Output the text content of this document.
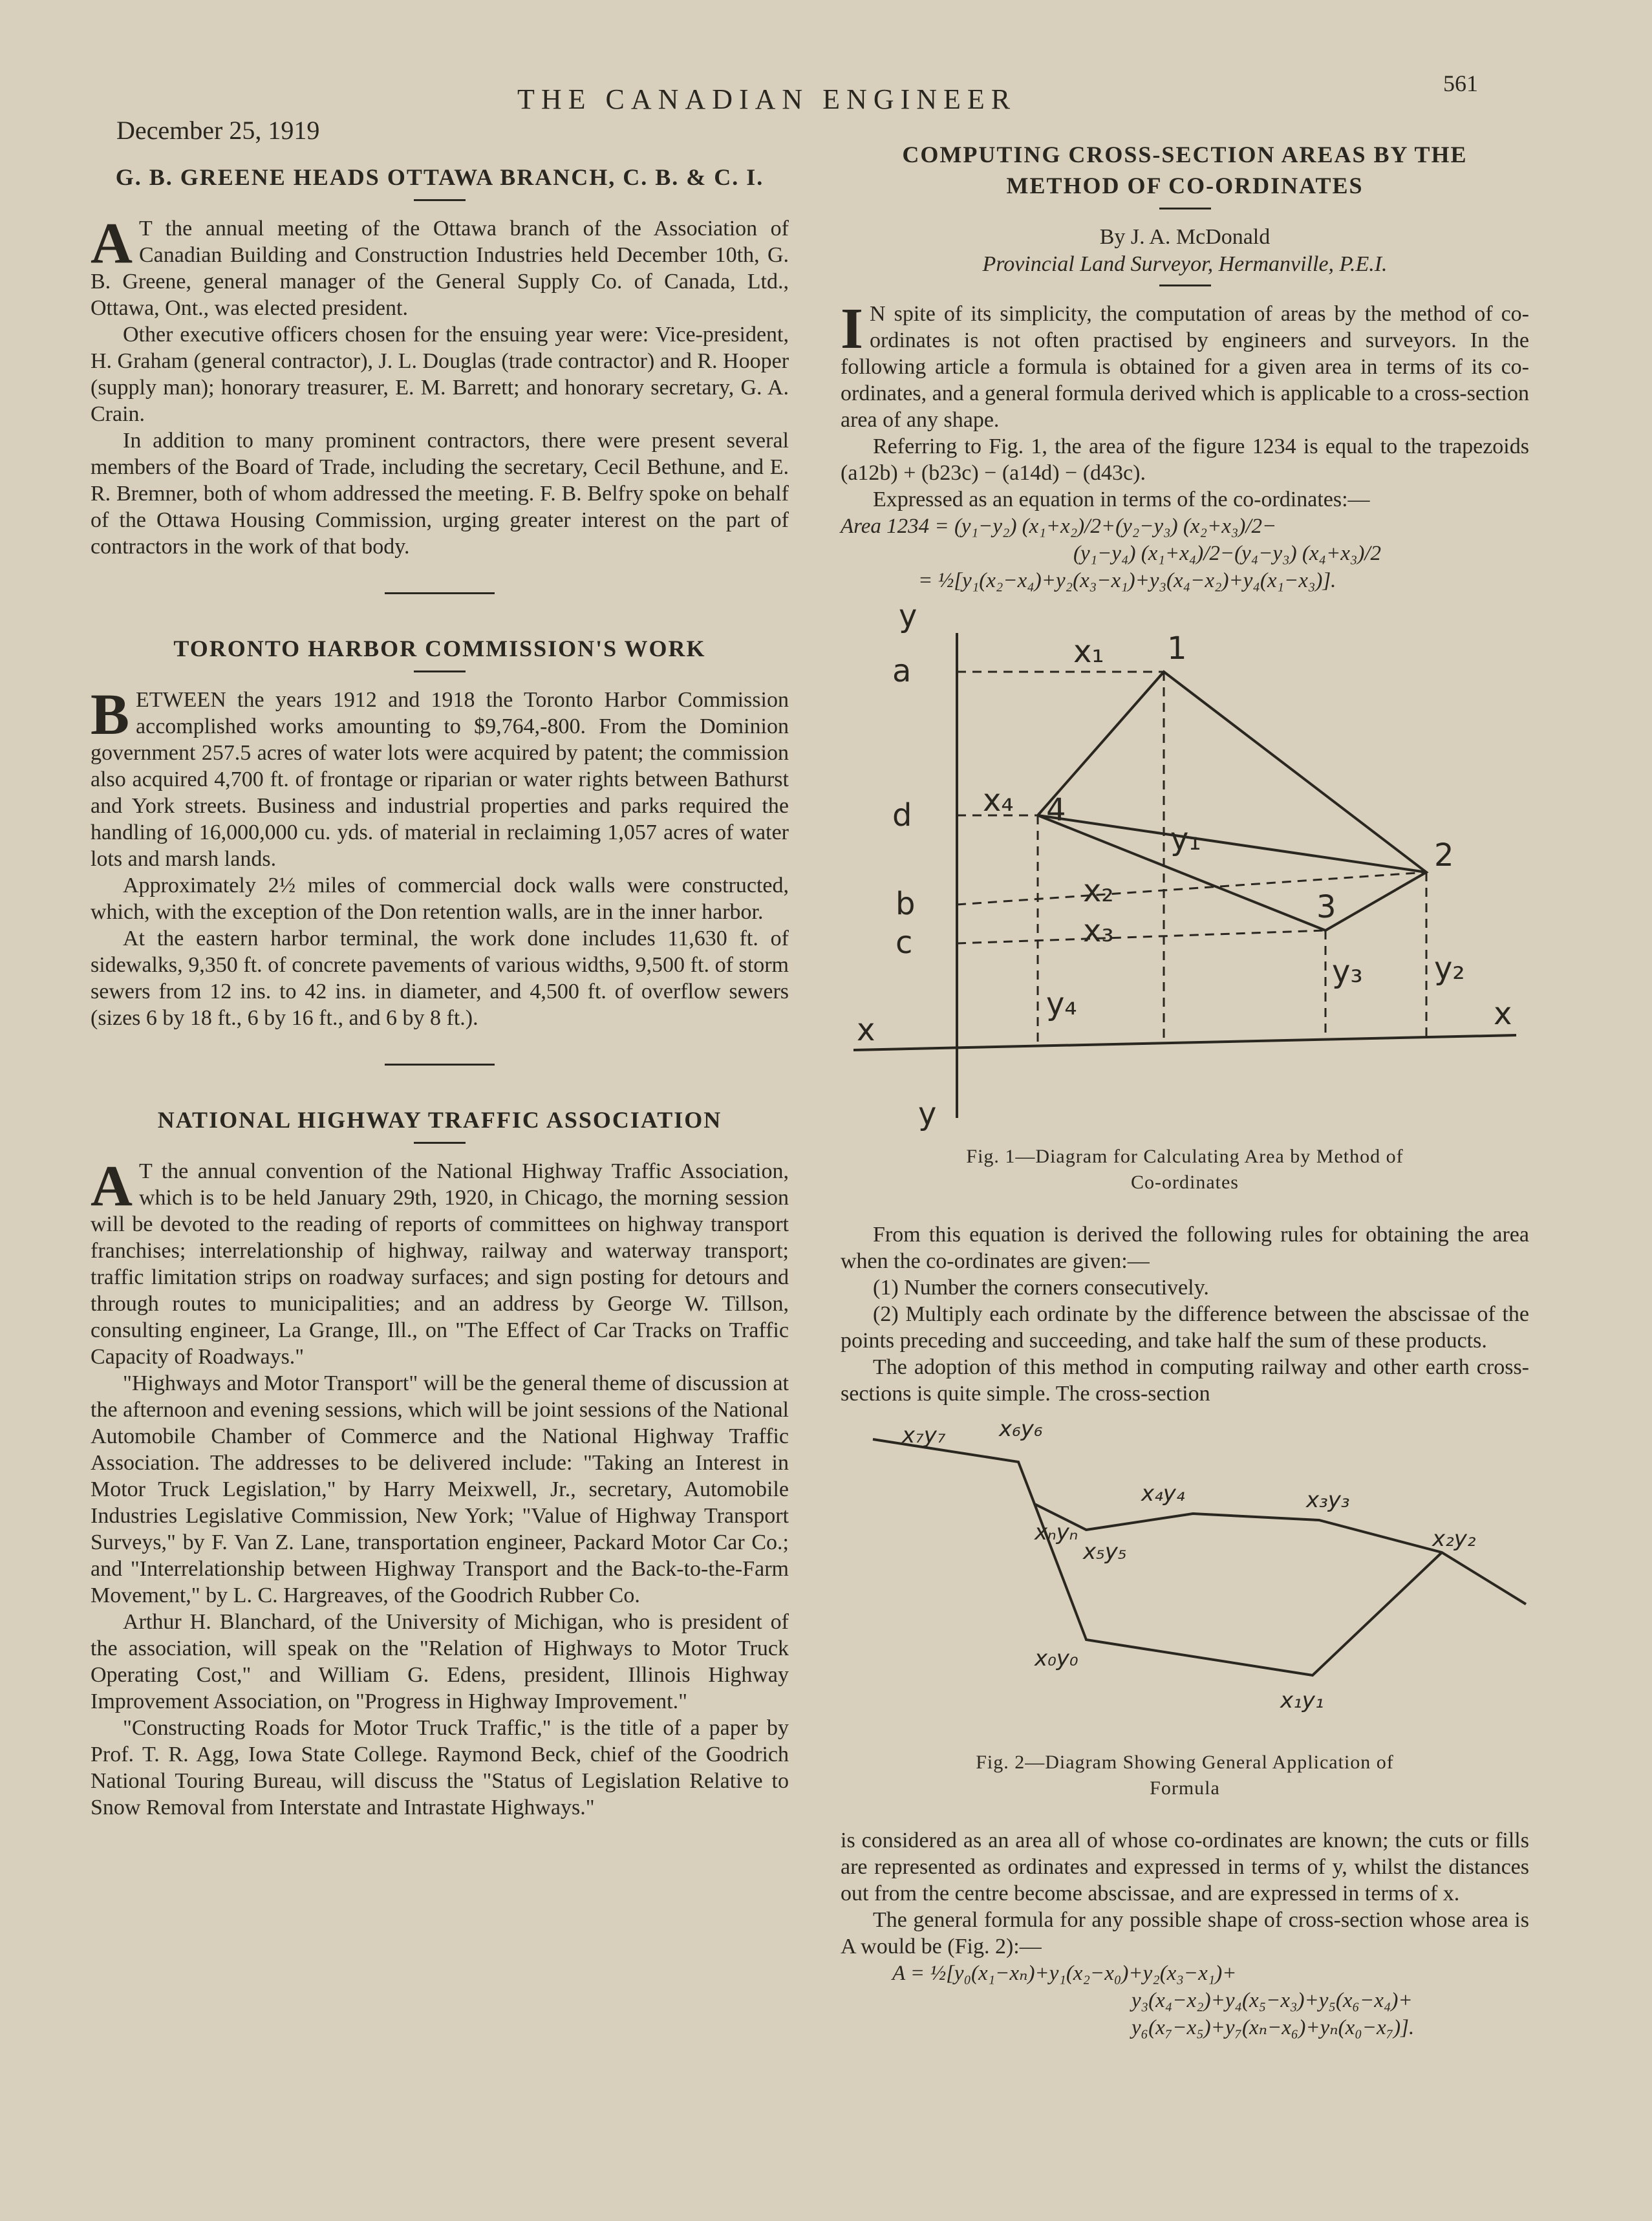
December 25, 1919
THE CANADIAN ENGINEER	561
G. B. GREENE HEADS OTTAWA BRANCH, C. B. & C. I.

A T the annual meeting of the Ottawa branch of the Association of Canadian Building and Construction Industries held December 10th, G. B. Greene, general manager of the General Supply Co. of Canada, Ltd., Ottawa, Ont., was elected president.

Other executive officers chosen for the ensuing year were: Vice-president, H. Graham (general contractor), J. L. Douglas (trade contractor) and R. Hooper (supply man); honorary treasurer, E. M. Barrett; and honorary secretary, G. A. Crain.

In addition to many prominent contractors, there were present several members of the Board of Trade, including the secretary, Cecil Bethune, and E. R. Bremner, both of whom addressed the meeting. F. B. Belfry spoke on behalf of the Ottawa Housing Commission, urging greater interest on the part of contractors in the work of that body.

TORONTO HARBOR COMMISSION'S WORK

BETWEEN the years 1912 and 1918 the Toronto Harbor Commission accomplished works amounting to $9,764,-800. From the Dominion government 257.5 acres of water lots were acquired by patent; the commission also acquired 4,700 ft. of frontage or riparian or water rights between Bathurst and York streets. Business and industrial properties and parks required the handling of 16,000,000 cu. yds. of material in reclaiming 1,057 acres of water lots and marsh lands.

Approximately 2½ miles of commercial dock walls were constructed, which, with the exception of the Don retention walls, are in the inner harbor.

At the eastern harbor terminal, the work done includes 11,630 ft. of sidewalks, 9,350 ft. of concrete pavements of various widths, 9,500 ft. of storm sewers from 12 ins. to 42 ins. in diameter, and 4,500 ft. of overflow sewers (sizes 6 by 18 ft., 6 by 16 ft., and 6 by 8 ft.).

NATIONAL HIGHWAY TRAFFIC ASSOCIATION

A T the annual convention of the National Highway Traffic Association, which is to be held January 29th, 1920, in Chicago, the morning session will be devoted to the reading of reports of committees on highway transport franchises; interrelationship of highway, railway and waterway transport; traffic limitation strips on roadway surfaces; and sign posting for detours and through routes to municipalities; and an address by George W. Tillson, consulting engineer, La Grange, Ill., on "The Effect of Car Tracks on Traffic Capacity of Roadways."

"Highways and Motor Transport" will be the general theme of discussion at the afternoon and evening sessions, which will be joint sessions of the National Automobile Chamber of Commerce and the National Highway Traffic Association. The addresses to be delivered include: "Taking an Interest in Motor Truck Legislation," by Harry Meixwell, Jr., secretary, Automobile Industries Legislative Commission, New York; "Value of Highway Transport Surveys," by F. Van Z. Lane, transportation engineer, Packard Motor Car Co.; and "Interrelationship between Highway Transport and the Back-to-the-Farm Movement," by L. C. Hargreaves, of the Goodrich Rubber Co.

Arthur H. Blanchard, of the University of Michigan, who is president of the association, will speak on the "Relation of Highways to Motor Truck Operating Cost," and William G. Edens, president, Illinois Highway Improvement Association, on "Progress in Highway Improvement."

"Constructing Roads for Motor Truck Traffic," is the title of a paper by Prof. T. R. Agg, Iowa State College. Raymond Beck, chief of the Goodrich National Touring Bureau, will discuss the "Status of Legislation Relative to Snow Removal from Interstate and Intrastate Highways."

COMPUTING CROSS-SECTION AREAS BY THE
METHOD OF CO-ORDINATES
By J. A. McDonald
Provincial Land Surveyor, Hermanville, P.E.I.

I N spite of its simplicity, the computation of areas by the method of co-ordinates is not often practised by engineers and surveyors. In the following article a formula is obtained for a given area in terms of its co-ordinates, and a general formula derived which is applicable to a cross-section area of any shape.

Referring to Fig. 1, the area of the figure 1234 is equal to the trapezoids (a12b) + (b23c) − (a14d) − (d43c).

Expressed as an equation in terms of the co-ordinates:—

Area 1234 = (y₁−y₂) (x₁+x₂)/2+(y₂−y₃) (x₂+x₃)/2−
(y₁−y₄) (x₁+x₄)/2−(y₄−y₃) (x₄+x₃)/2
= ½[y₁(x₂−x₄)+y₂(x₃−x₁)+y₃(x₄−x₂)+y₄(x₁−x₃)].
y
y
x	x
a
d
b
c
1
2
3
4
x₁
x₄
x₂
x₃
y₁
y₂
y₃
y₄
Fig. 1—Diagram for Calculating Area by Method of
Co-ordinates

From this equation is derived the following rules for obtaining the area when the co-ordinates are given:—

(1) Number the corners consecutively.

(2) Multiply each ordinate by the difference between the abscissae of the points preceding and succeeding, and take half the sum of these products.

The adoption of this method in computing railway and other earth cross-sections is quite simple. The cross-section

x₇y₇ x₆y₆
xₙyₙ
x₅y₅
x₄y₄	x₃y₃
x₂y₂
x₁y₁
x₀y₀
Fig. 2—Diagram Showing General Application of
Formula

is considered as an area all of whose co-ordinates are known; the cuts or fills are represented as ordinates and expressed in terms of y, whilst the distances out from the centre become abscissae, and are expressed in terms of x.

The general formula for any possible shape of cross-section whose area is A would be (Fig. 2):—

A = ½[y₀(x₁−xₙ)+y₁(x₂−x₀)+y₂(x₃−x₁)+
y₃(x₄−x₂)+y₄(x₅−x₃)+y₅(x₆−x₄)+
y₆(x₇−x₅)+y₇(xₙ−x₆)+yₙ(x₀−x₇)].
